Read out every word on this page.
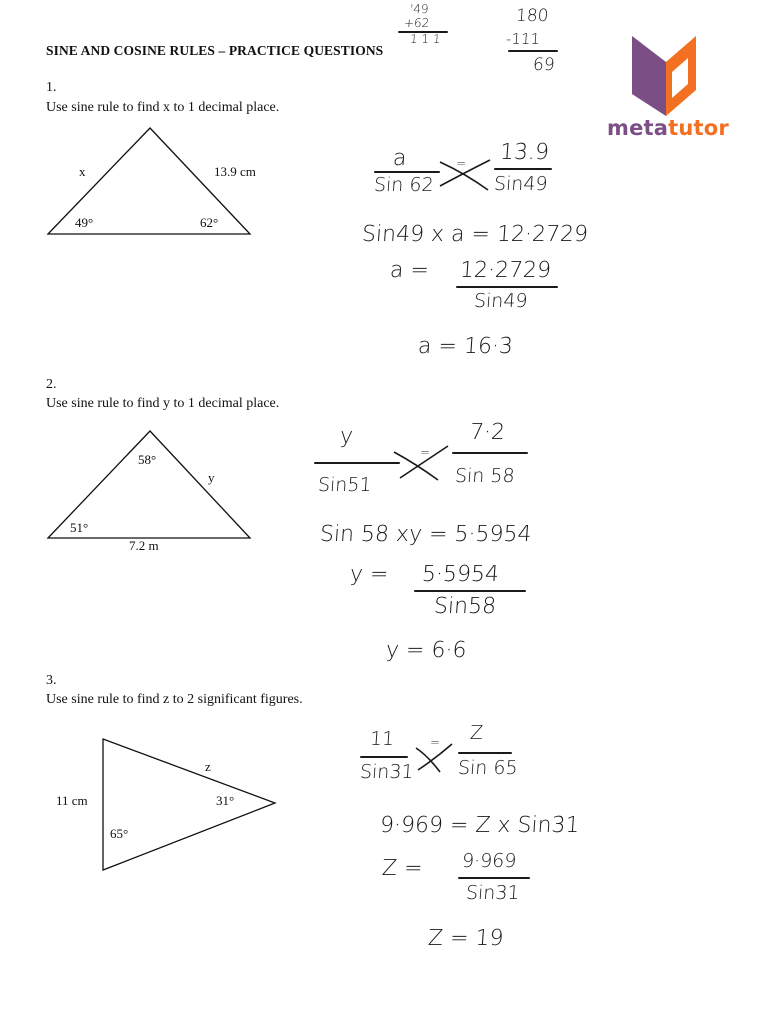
SINE AND COSINE RULES – PRACTICE QUESTIONS
'49
+62
1 1 1
180
-111
69
metatutor
1.
Use sine rule to find x to 1 decimal place.
x	13.9 cm
49°	62°
a
Sin 62
= 13.9
Sin49
Sin49 x a = 12·2729
a = 12·2729
Sin49
a = 16·3
2.
Use sine rule to find y to 1 decimal place.
58°
y
51°
7.2 m
y
Sin51
=
7·2
Sin 58
Sin 58 xy = 5·5954
y = 5·5954
Sin58
y = 6·6
3.
Use sine rule to find z to 2 significant figures.
z
11 cm	31°
65°
11
Sin31
= Z
Sin 65
9·969 = Z x Sin31
Z = 9·969
Sin31
Z = 19
